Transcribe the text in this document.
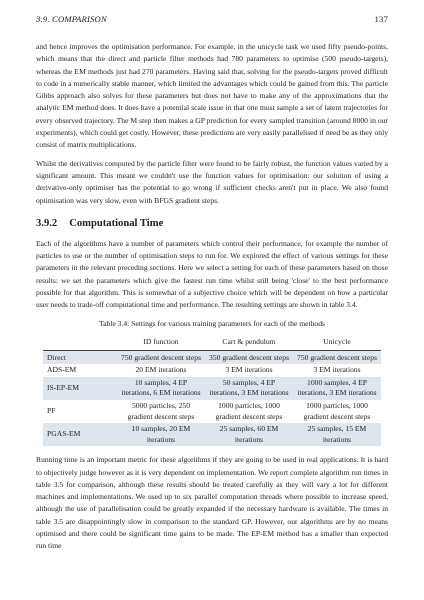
3.9. COMPARISON	137

and hence improves the optimisation performance. For example, in the unicycle task we used fifty pseudo-points, which means that the direct and particle filter methods had 780 parameters to optimise (500 pseudo-targets), whereas the EM methods just had 270 parameters. Having said that, solving for the pseudo-targets proved difficult to code in a numerically stable manner, which limited the advantages which could be gained from this. The particle Gibbs approach also solves for these parameters but does not have to make any of the approximations that the analytic EM method does. It does have a potential scale issue in that one must sample a set of latent trajectories for every observed trajectory. The M step then makes a GP prediction for every sampled transition (around 8000 in our experiments), which could get costly. However, these predictions are very easily parallelised if need be as they only consist of matrix multiplications.

Whilst the derivatives computed by the particle filter were found to be fairly robust, the function values varied by a significant amount. This meant we couldn't use the function values for optimisation: our solution of using a derivative-only optimiser has the potential to go wrong if sufficient checks aren't put in place. We also found optimisation was very slow, even with BFGS gradient steps.

3.9.2 Computational Time

Each of the algorithms have a number of parameters which control their performance, for example the number of particles to use or the number of optimisation steps to run for. We explored the effect of various settings for these parameters in the relevant preceding sections. Here we select a setting for each of these parameters based on those results: we set the parameters which give the fastest run time whilst still being 'close' to the best performance possible for that algorithm. This is somewhat of a subjective choice which will be dependent on how a particular user needs to trade-off computational time and performance. The resulting settings are shown in table 3.4.

Table 3.4: Settings for various training parameters for each of the methods
	ID function	Cart & pendulum	Unicycle
Direct	750 gradient descent steps	350 gradient descent steps	750 gradient descent steps
ADS-EM	20 EM iterations	3 EM iterations	3 EM iterations
IS-EP-EM	10 samples, 4 EP iterations, 6 EM iterations	50 samples, 4 EP iterations, 3 EM iterations	1000 samples, 4 EP iterations, 3 EM iterations
PF	5000 particles, 250 gradient descent steps	1000 particles, 1000 gradient descent steps	1000 particles, 1000 gradient descent steps
PGAS-EM	10 samples, 20 EM iterations	25 samples, 60 EM iterations	25 samples, 15 EM iterations

Running time is an important metric for these algorithms if they are going to be used in real applications. It is hard to objectively judge however as it is very dependent on implementation. We report complete algorithm run times in table 3.5 for comparison, although these results should be treated carefully as they will vary a lot for different machines and implementations. We used up to six parallel computation threads where possible to increase speed, although the use of parallelisation could be greatly expanded if the necessary hardware is available. The times in table 3.5 are disappointingly slow in comparison to the standard GP. However, our algorithms are by no means optimised and there could be significant time gains to be made. The EP-EM method has a smaller than expected run time
